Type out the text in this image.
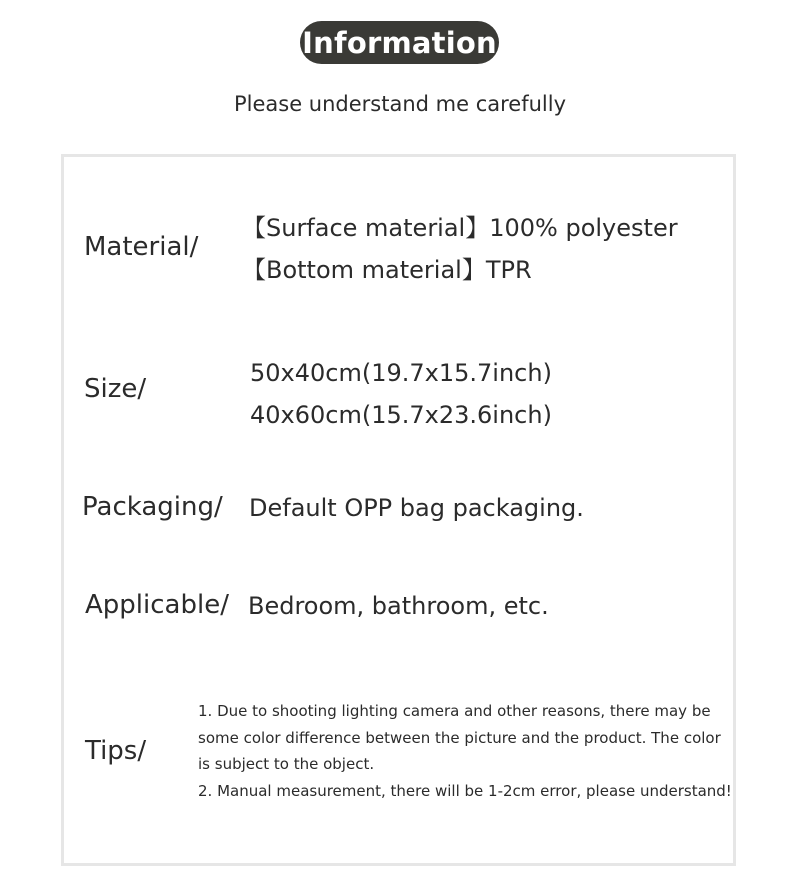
Information
Please understand me carefully
Material/
【Surface material】100% polyester
【Bottom material】TPR
Size/
50x40cm(19.7x15.7inch)
40x60cm(15.7x23.6inch)
Packaging/ Default OPP bag packaging.
Applicable/ Bedroom, bathroom, etc.
Tips/
1. Due to shooting lighting camera and other reasons, there may be
some color difference between the picture and the product. The color
is subject to the object.
2. Manual measurement, there will be 1-2cm error, please understand!
